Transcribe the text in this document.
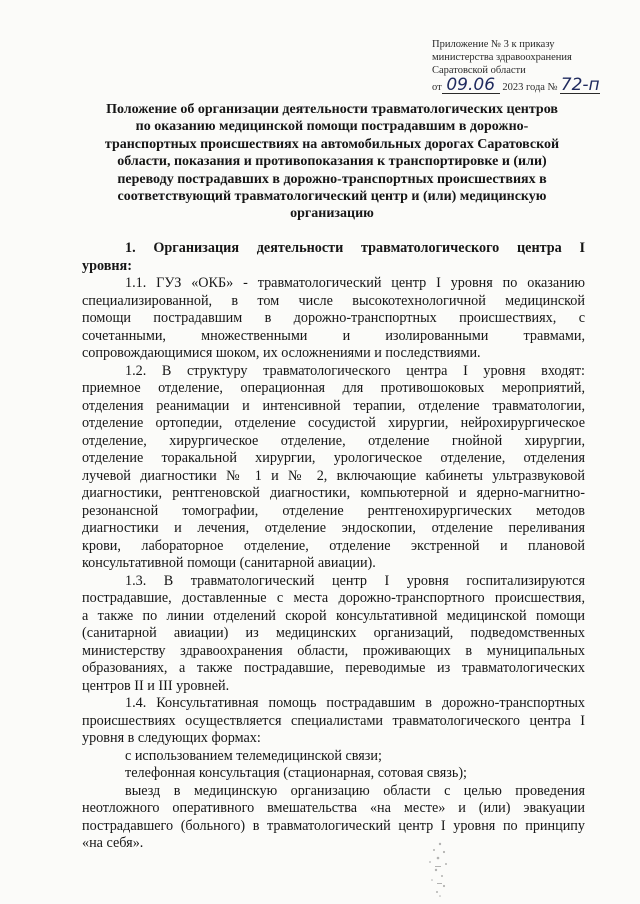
Приложение № 3 к приказу
министерства здравоохранения
Саратовской области
от 09.06 2023 года № 72-п
Положение об организации деятельности травматологических центров
по оказанию медицинской помощи пострадавшим в дорожно-
транспортных происшествиях на автомобильных дорогах Саратовской
области, показания и противопоказания к транспортировке и (или)
переводу пострадавших в дорожно-транспортных происшествиях в
соответствующий травматологический центр и (или) медицинскую
организацию
1. Организация деятельности травматологического центра I
уровня:
1.1. ГУЗ «ОКБ» - травматологический центр I уровня по оказанию
специализированной, в том числе высокотехнологичной медицинской
помощи пострадавшим в дорожно-транспортных происшествиях, с
сочетанными, множественными и изолированными травмами,
сопровождающимися шоком, их осложнениями и последствиями.
1.2. В структуру травматологического центра I уровня входят:
приемное отделение, операционная для противошоковых мероприятий,
отделения реанимации и интенсивной терапии, отделение травматологии,
отделение ортопедии, отделение сосудистой хирургии, нейрохирургическое
отделение, хирургическое отделение, отделение гнойной хирургии,
отделение торакальной хирургии, урологическое отделение, отделения
лучевой диагностики № 1 и № 2, включающие кабинеты ультразвуковой
диагностики, рентгеновской диагностики, компьютерной и ядерно-магнитно-
резонансной томографии, отделение рентгенохирургических методов
диагностики и лечения, отделение эндоскопии, отделение переливания
крови, лабораторное отделение, отделение экстренной и плановой
консультативной помощи (санитарной авиации).
1.3. В травматологический центр I уровня госпитализируются
пострадавшие, доставленные с места дорожно-транспортного происшествия,
а также по линии отделений скорой консультативной медицинской помощи
(санитарной авиации) из медицинских организаций, подведомственных
министерству здравоохранения области, проживающих в муниципальных
образованиях, а также пострадавшие, переводимые из травматологических
центров II и III уровней.
1.4. Консультативная помощь пострадавшим в дорожно-транспортных
происшествиях осуществляется специалистами травматологического центра I
уровня в следующих формах:
с использованием телемедицинской связи;
телефонная консультация (стационарная, сотовая связь);
выезд в медицинскую организацию области с целью проведения
неотложного оперативного вмешательства «на месте» и (или) эвакуации
пострадавшего (больного) в травматологический центр I уровня по принципу
«на себя».
